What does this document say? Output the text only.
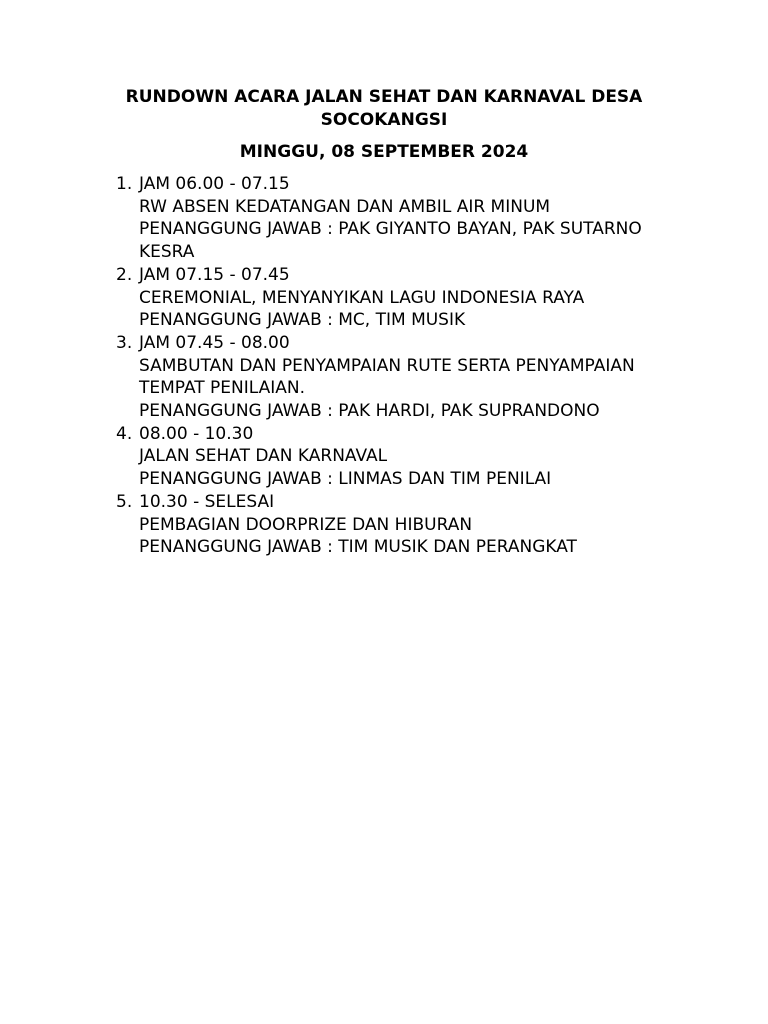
RUNDOWN ACARA JALAN SEHAT DAN KARNAVAL DESA SOCOKANGSI
MINGGU, 08 SEPTEMBER 2024
1. JAM 06.00 - 07.15
RW ABSEN KEDATANGAN DAN AMBIL AIR MINUM
PENANGGUNG JAWAB : PAK GIYANTO BAYAN, PAK SUTARNO KESRA
2. JAM 07.15 - 07.45
CEREMONIAL, MENYANYIKAN LAGU INDONESIA RAYA
PENANGGUNG JAWAB : MC, TIM MUSIK
3. JAM 07.45 - 08.00
SAMBUTAN DAN PENYAMPAIAN RUTE SERTA PENYAMPAIAN TEMPAT PENILAIAN.
PENANGGUNG JAWAB : PAK HARDI, PAK SUPRANDONO
4. 08.00 - 10.30
JALAN SEHAT DAN KARNAVAL
PENANGGUNG JAWAB : LINMAS DAN TIM PENILAI
5. 10.30 - SELESAI
PEMBAGIAN DOORPRIZE DAN HIBURAN
PENANGGUNG JAWAB : TIM MUSIK DAN PERANGKAT
